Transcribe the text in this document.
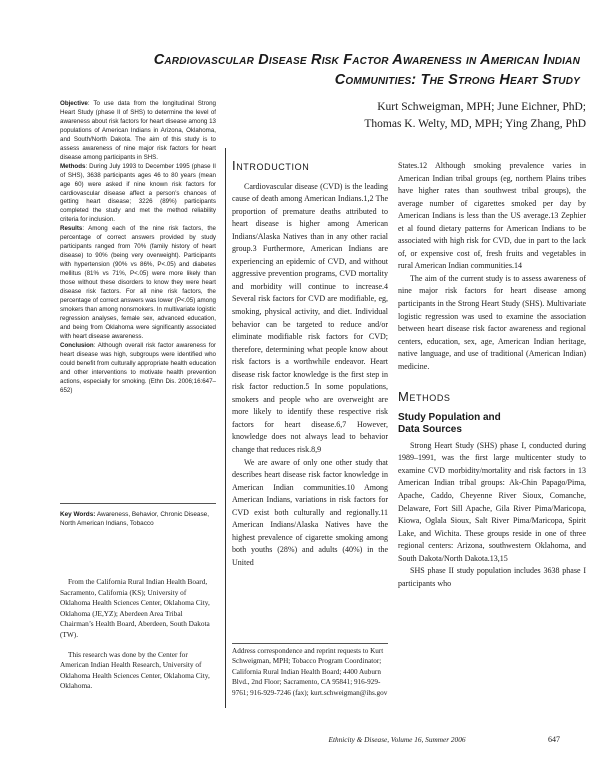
Cardiovascular Disease Risk Factor Awareness in American Indian
Communities: The Strong Heart Study
Kurt Schweigman, MPH; June Eichner, PhD;
Thomas K. Welty, MD, MPH; Ying Zhang, PhD

Objective: To use data from the longitudinal Strong Heart Study (phase II of SHS) to determine the level of awareness about risk factors for heart disease among 13 populations of American Indians in Arizona, Oklahoma, and South/North Dakota. The aim of this study is to assess awareness of nine major risk factors for heart disease among participants in SHS.

Methods: During July 1993 to December 1995 (phase II of SHS), 3638 participants ages 46 to 80 years (mean age 60) were asked if nine known risk factors for cardiovascular disease affect a person’s chances of getting heart disease; 3226 (89%) participants completed the study and met the method reliability criteria for inclusion.

Results: Among each of the nine risk factors, the percentage of correct answers provided by study participants ranged from 70% (family history of heart disease) to 90% (being very overweight). Participants with hypertension (90% vs 86%, P<.05) and diabetes mellitus (81% vs 71%, P<.05) were more likely than those without these disorders to know they were heart disease risk factors. For all nine risk factors, the percentage of correct answers was lower (P<.05) among smokers than among nonsmokers. In multivariate logistic regression analyses, female sex, advanced education, and being from Oklahoma were significantly associated with heart disease awareness.

Conclusion: Although overall risk factor awareness for heart disease was high, subgroups were identified who could benefit from culturally appropriate health education and other interventions to motivate health prevention actions, especially for smoking. (Ethn Dis. 2006;16:647–652)

Key Words: Awareness, Behavior, Chronic Disease, North American Indians, Tobacco

From the California Rural Indian Health Board, Sacramento, California (KS); University of Oklahoma Health Sciences Center, Oklahoma City, Oklahoma (JE,YZ); Aberdeen Area Tribal Chairman’s Health Board, Aberdeen, South Dakota (TW).

This research was done by the Center for American Indian Health Research, University of Oklahoma Health Sciences Center, Oklahoma City, Oklahoma.

Introduction

Cardiovascular disease (CVD) is the leading cause of death among American Indians.1,2 The proportion of premature deaths attributed to heart disease is higher among American Indians/Alaska Natives than in any other racial group.3 Furthermore, American Indians are experiencing an epidemic of CVD, and without aggressive prevention programs, CVD mortality and morbidity will continue to increase.4 Several risk factors for CVD are modifiable, eg, smoking, physical activity, and diet. Individual behavior can be targeted to reduce and/or eliminate modifiable risk factors for CVD; therefore, determining what people know about risk factors is a worthwhile endeavor. Heart disease risk factor knowledge is the first step in risk factor reduction.5 In some populations, smokers and people who are overweight are more likely to identify these respective risk factors for heart disease.6,7 However, knowledge does not always lead to behavior change that reduces risk.8,9

We are aware of only one other study that describes heart disease risk factor knowledge in American Indian communities.10 Among American Indians, variations in risk factors for CVD exist both culturally and regionally.11 American Indians/Alaska Natives have the highest prevalence of cigarette smoking among both youths (28%) and adults (40%) in the United

Address correspondence and reprint requests to Kurt Schweigman, MPH; Tobacco Program Coordinator; California Rural Indian Health Board; 4400 Auburn Blvd., 2nd Floor; Sacramento, CA 95841; 916-929-9761; 916-929-7246 (fax); kurt.schweigman@ihs.gov

States.12 Although smoking prevalence varies in American Indian tribal groups (eg, northern Plains tribes have higher rates than southwest tribal groups), the average number of cigarettes smoked per day by American Indians is less than the US average.13 Zephier et al found dietary patterns for American Indians to be associated with high risk for CVD, due in part to the lack of, or expensive cost of, fresh fruits and vegetables in rural American Indian communities.14

The aim of the current study is to assess awareness of nine major risk factors for heart disease among participants in the Strong Heart Study (SHS). Multivariate logistic regression was used to examine the association between heart disease risk factor awareness and regional centers, education, sex, age, American Indian heritage, native language, and use of traditional (American Indian) medicine.

Methods
Study Population and
Data Sources

Strong Heart Study (SHS) phase I, conducted during 1989–1991, was the first large multicenter study to examine CVD morbidity/mortality and risk factors in 13 American Indian tribal groups: Ak-Chin Papago/Pima, Apache, Caddo, Cheyenne River Sioux, Comanche, Delaware, Fort Sill Apache, Gila River Pima/Maricopa, Kiowa, Oglala Sioux, Salt River Pima/Maricopa, Spirit Lake, and Wichita. These groups reside in one of three regional centers: Arizona, southwestern Oklahoma, and South Dakota/North Dakota.13,15

SHS phase II study population includes 3638 phase I participants who

Ethnicity & Disease, Volume 16, Summer 2006	647
